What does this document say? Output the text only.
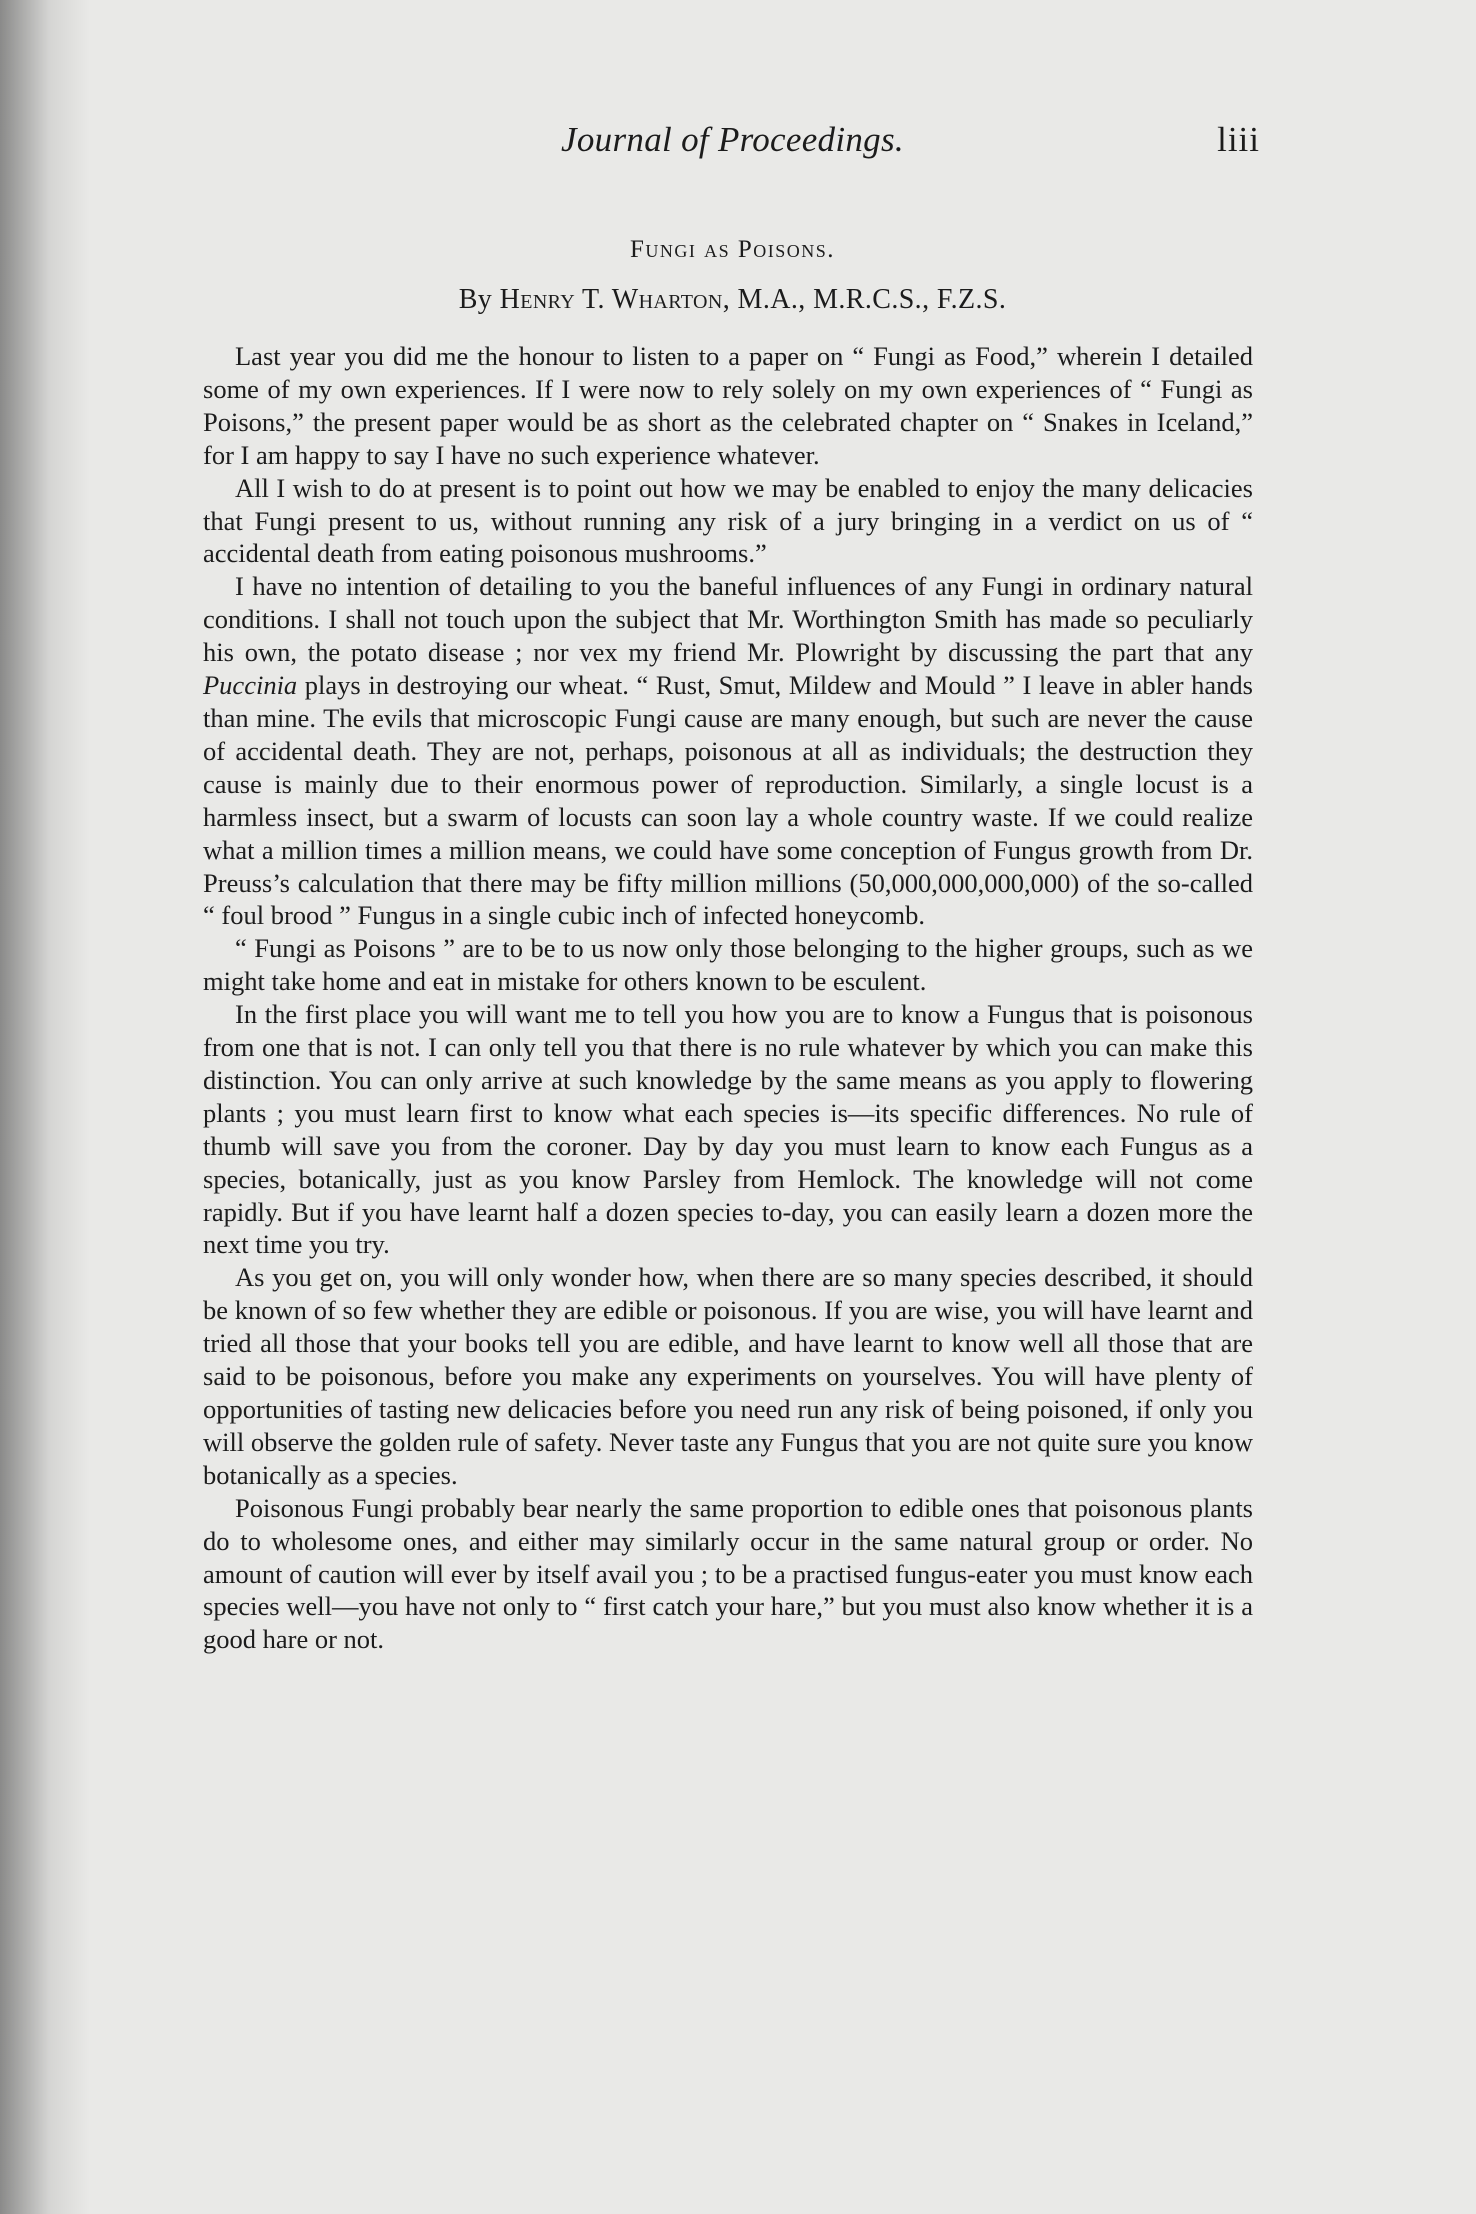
Journal of Proceedings.	liii
Fungi as Poisons.
By Henry T. Wharton, M.A., M.R.C.S., F.Z.S.

Last year you did me the honour to listen to a paper on “ Fungi as Food,” wherein I detailed some of my own experiences. If I were now to rely solely on my own experiences of “ Fungi as Poisons,” the present paper would be as short as the celebrated chapter on “ Snakes in Iceland,” for I am happy to say I have no such experience whatever.

All I wish to do at present is to point out how we may be enabled to enjoy the many delicacies that Fungi present to us, without running any risk of a jury bringing in a verdict on us of “ accidental death from eating poisonous mushrooms.”

I have no intention of detailing to you the baneful influences of any Fungi in ordinary natural conditions. I shall not touch upon the subject that Mr. Worthington Smith has made so peculiarly his own, the potato disease ; nor vex my friend Mr. Plowright by discussing the part that any Puccinia plays in destroying our wheat. “ Rust, Smut, Mildew and Mould ” I leave in abler hands than mine. The evils that microscopic Fungi cause are many enough, but such are never the cause of accidental death. They are not, perhaps, poisonous at all as individuals; the destruction they cause is mainly due to their enormous power of reproduction. Similarly, a single locust is a harmless insect, but a swarm of locusts can soon lay a whole country waste. If we could realize what a million times a million means, we could have some conception of Fungus growth from Dr. Preuss’s calculation that there may be fifty million millions (50,000,000,000,000) of the so-called “ foul brood ” Fungus in a single cubic inch of infected honeycomb.

“ Fungi as Poisons ” are to be to us now only those belonging to the higher groups, such as we might take home and eat in mistake for others known to be esculent.

In the first place you will want me to tell you how you are to know a Fungus that is poisonous from one that is not. I can only tell you that there is no rule whatever by which you can make this distinction. You can only arrive at such knowledge by the same means as you apply to flowering plants ; you must learn first to know what each species is—its specific differences. No rule of thumb will save you from the coroner. Day by day you must learn to know each Fungus as a species, botanically, just as you know Parsley from Hemlock. The knowledge will not come rapidly. But if you have learnt half a dozen species to-day, you can easily learn a dozen more the next time you try.

As you get on, you will only wonder how, when there are so many species described, it should be known of so few whether they are edible or poisonous. If you are wise, you will have learnt and tried all those that your books tell you are edible, and have learnt to know well all those that are said to be poisonous, before you make any experiments on yourselves. You will have plenty of opportunities of tasting new delicacies before you need run any risk of being poisoned, if only you will observe the golden rule of safety. Never taste any Fungus that you are not quite sure you know botanically as a species.

Poisonous Fungi probably bear nearly the same proportion to edible ones that poisonous plants do to wholesome ones, and either may similarly occur in the same natural group or order. No amount of caution will ever by itself avail you ; to be a practised fungus-eater you must know each species well—you have not only to “ first catch your hare,” but you must also know whether it is a good hare or not.
